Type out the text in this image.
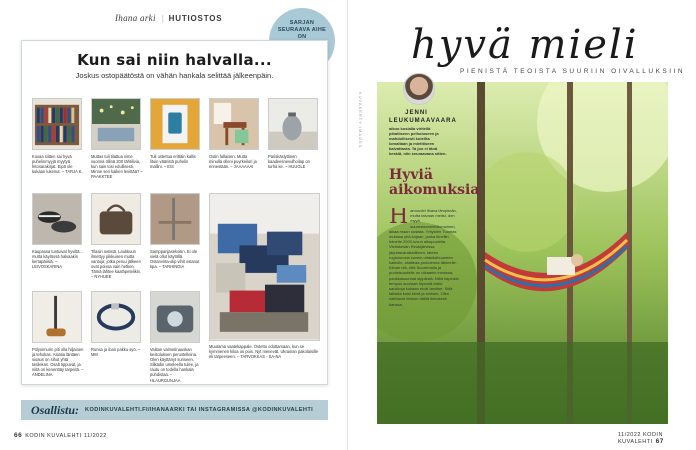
Ihana arki | HUTIOSTOS	SARJAN
SEURAAVA AIHE ON

Kun sai niin halvalla...
Joskus ostopäätöstä on vähän hankala selittää jälkeenpäin.
Kuvaa siitten sai hyvä puhelinmyyjä myytyä fetosarakirjat. Eipä ole kukaan lukenut. – TARJA K.
Muttas tuli tilattua vime vuonna öllinä 200 tähtilivia, kun sain tosi edullisesti. Minne sen kaiken levittää? – PAAKKTEE
Tuli ostettua erittäin kallis lituin vääristä puhelin mallini. – EIS
Ostin fallaisen. Mutta minulla olleni puyrkeilori ja ennestään. – JAAAAAAI
Pariskäsiyttinen kaadeesnevulhoilap on turha ke. – HUUGLE
Kaupassa tuntuivat hyviltä... mutta käytössä halvaakin kertapäiisiä. – LEIVOSKARINA
Tilasin netistä. Laukkuun ilmettyy pikkuisen mutta vantuja; jotka peruu jälkeen ovat poissa vain hetken. Tämä lähtee kaathpetelikin. – NYHUEE
Samppanjasekoitin. Ei ole vielä ollut käytöllä. Ostanvirta-olip vihit ostanut kpa. – TARHINOIA
Muutama vaatekappale. Ostettu odottamaan, kun se kymmenen kiloa on pois. Nyt menevät. Ukrainan pakolaisille eli tarpeeseen. – TARVOKKAS - SA-NA
Pölynimurin piti olla hiljainen ja tehokas. Asiatia läntäen sioaus on sihut yhtä tasilekas. Osalt tippuvat, ja niitä on kenenttäy tarpeitä. – ANDELINA
Runsa ja iban pakku syö. – MM
Valitan valmetinauskan kestoluksen perustelleina. Olen käyttänyt suriseen. Silkadin umeleella tulee, ja rautu on todella hankala puhdistaa. – HLAURGUNJAA
Osallistu: KODINKUVALEHTI.FI/IHANAARKI TAI INSTAGRAMISSA @KODINKUVALEHTI
66 KODIN KUVALEHTI 11/2022
hyvä mieli
PIENISTÄ TEOISTA SUURIIN OIVALLUKSIIN
KUVAKERTY IMAGES	JENNI
LEUKUMAAVAARA
aikuo kosialla viritellä pihalliseen pelholuseen ja mahdollisesti kotellta lomaltaan ja mietitiseen kaivattasta. Ta joo ei tänä keskiä, niin seuraavana sitten.
Hyviä
aikomuksia
Hamoudet lihava lämpimän, mutta taivaan meitsi, den myyä, suurestaanmiliittomainen, aikaa maan uusista. Yritysten Tuomas muistaa yhä kirjaan, jonka itinellin hänelle 2000-luvun alkupuolella. Vietinkesän Reukijärvissa järjuttavaraiksiillinen, tateen rogistorosia suvein uttakäsihuuneen kaltiolin, sitaiteaa porkdenna tähteelle. Kiinan niä, että Suuremalla ja puoleisuudelle on utkaanin innoissa, paukkasuunnat sippiksiä. Niitä hapinkin tempos suoraan löysintä leikki saukkoja kukaan eivät tarvitse. Siitä tallasta kuisi kesä ja sininen. Olen vaihtanut tietoon täällä tietoisesti kanssa.
11/2022 KODIN KUVALEHTI 67
